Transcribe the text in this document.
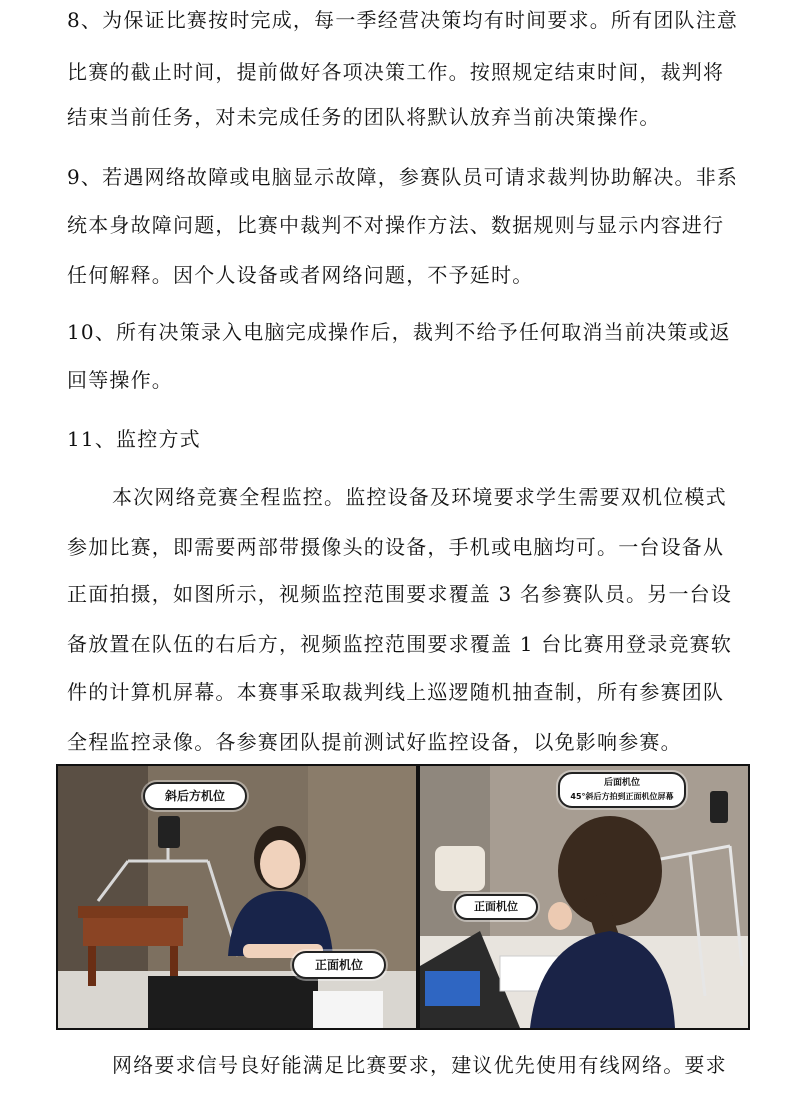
8、为保证比赛按时完成，每一季经营决策均有时间要求。所有团队注意
比赛的截止时间，提前做好各项决策工作。按照规定结束时间，裁判将
结束当前任务，对未完成任务的团队将默认放弃当前决策操作。
9、若遇网络故障或电脑显示故障，参赛队员可请求裁判协助解决。非系
统本身故障问题，比赛中裁判不对操作方法、数据规则与显示内容进行
任何解释。因个人设备或者网络问题，不予延时。
10、所有决策录入电脑完成操作后，裁判不给予任何取消当前决策或返
回等操作。
11、监控方式
本次网络竞赛全程监控。监控设备及环境要求学生需要双机位模式
参加比赛，即需要两部带摄像头的设备，手机或电脑均可。一台设备从
正面拍摄，如图所示，视频监控范围要求覆盖 3 名参赛队员。另一台设
备放置在队伍的右后方，视频监控范围要求覆盖 1 台比赛用登录竞赛软
件的计算机屏幕。本赛事采取裁判线上巡逻随机抽查制，所有参赛团队
全程监控录像。各参赛团队提前测试好监控设备，以免影响参赛。
斜后方机位
正面机位
后面机位
45°斜后方拍到正面机位屏幕
正面机位
网络要求信号良好能满足比赛要求，建议优先使用有线网络。要求
